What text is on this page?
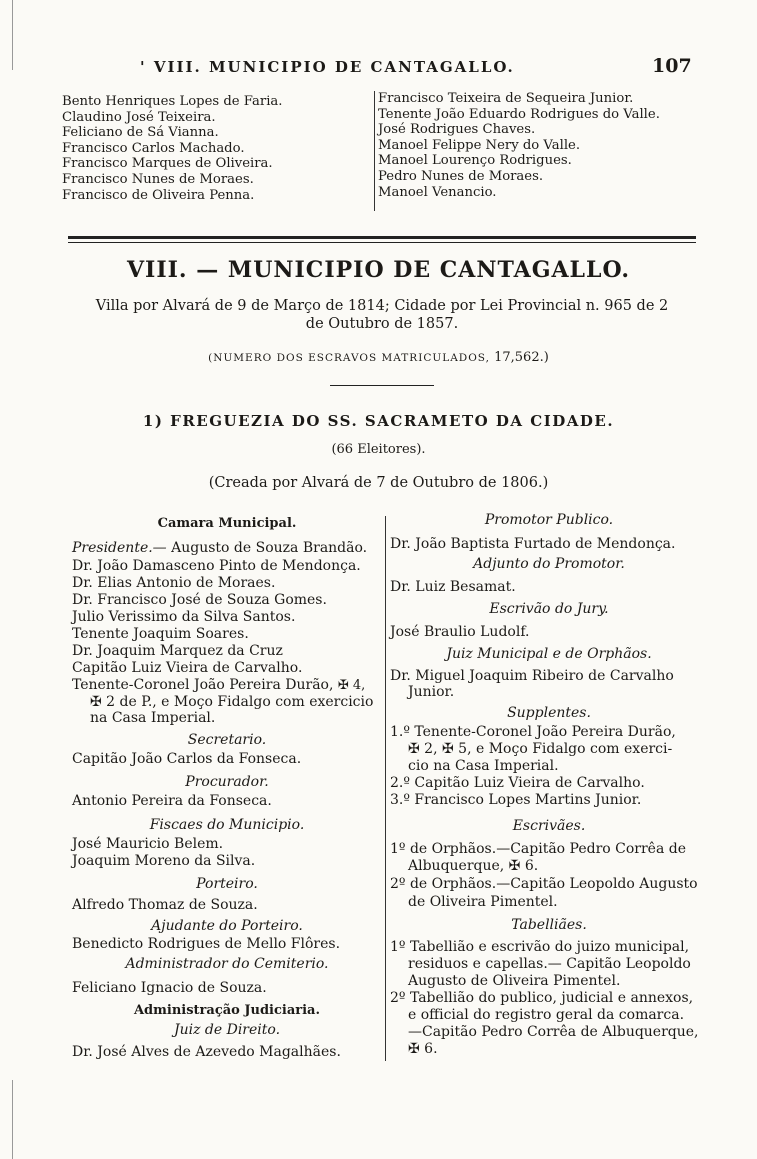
' VIII. MUNICIPIO DE CANTAGALLO.	107
Bento Henriques Lopes de Faria.
Claudino José Teixeira.
Feliciano de Sá Vianna.
Francisco Carlos Machado.
Francisco Marques de Oliveira.
Francisco Nunes de Moraes.
Francisco de Oliveira Penna.
Francisco Teixeira de Sequeira Junior.
Tenente João Eduardo Rodrigues do Valle.
José Rodrigues Chaves.
Manoel Felippe Nery do Valle.
Manoel Lourenço Rodrigues.
Pedro Nunes de Moraes.
Manoel Venancio.
VIII. — MUNICIPIO DE CANTAGALLO.
Villa por Alvará de 9 de Março de 1814; Cidade por Lei Provincial n. 965 de 2
de Outubro de 1857.
(NUMERO DOS ESCRAVOS MATRICULADOS, 17,562.)
1) FREGUEZIA DO SS. SACRAMETO DA CIDADE.
(66 Eleitores).
(Creada por Alvará de 7 de Outubro de 1806.)
Camara Municipal.
Presidente.— Augusto de Souza Brandão.
Dr. João Damasceno Pinto de Mendonça.
Dr. Elias Antonio de Moraes.
Dr. Francisco José de Souza Gomes.
Julio Verissimo da Silva Santos.
Tenente Joaquim Soares.
Dr. Joaquim Marquez da Cruz
Capitão Luiz Vieira de Carvalho.
Tenente-Coronel João Pereira Durão, ✠ 4,
✠ 2 de P., e Moço Fidalgo com exercicio
na Casa Imperial.
Secretario.
Capitão João Carlos da Fonseca.
Procurador.
Antonio Pereira da Fonseca.
Fiscaes do Municipio.
José Mauricio Belem.
Joaquim Moreno da Silva.
Porteiro.
Alfredo Thomaz de Souza.
Ajudante do Porteiro.
Benedicto Rodrigues de Mello Flôres.
Administrador do Cemiterio.
Feliciano Ignacio de Souza.
Administração Judiciaria.
Juiz de Direito.
Dr. José Alves de Azevedo Magalhães.
Promotor Publico.
Dr. João Baptista Furtado de Mendonça.
Adjunto do Promotor.
Dr. Luiz Besamat.
Escrivão do Jury.
José Braulio Ludolf.
Juiz Municipal e de Orphãos.
Dr. Miguel Joaquim Ribeiro de Carvalho
Junior.
Supplentes.
1.º Tenente-Coronel João Pereira Durão,
✠ 2, ✠ 5, e Moço Fidalgo com exerci-
cio na Casa Imperial.
2.º Capitão Luiz Vieira de Carvalho.
3.º Francisco Lopes Martins Junior.
Escrivães.
1º de Orphãos.—Capitão Pedro Corrêa de
Albuquerque, ✠ 6.
2º de Orphãos.—Capitão Leopoldo Augusto
de Oliveira Pimentel.
Tabelliães.
1º Tabellião e escrivão do juizo municipal,
residuos e capellas.— Capitão Leopoldo
Augusto de Oliveira Pimentel.
2º Tabellião do publico, judicial e annexos,
e official do registro geral da comarca.
—Capitão Pedro Corrêa de Albuquerque,
✠ 6.
